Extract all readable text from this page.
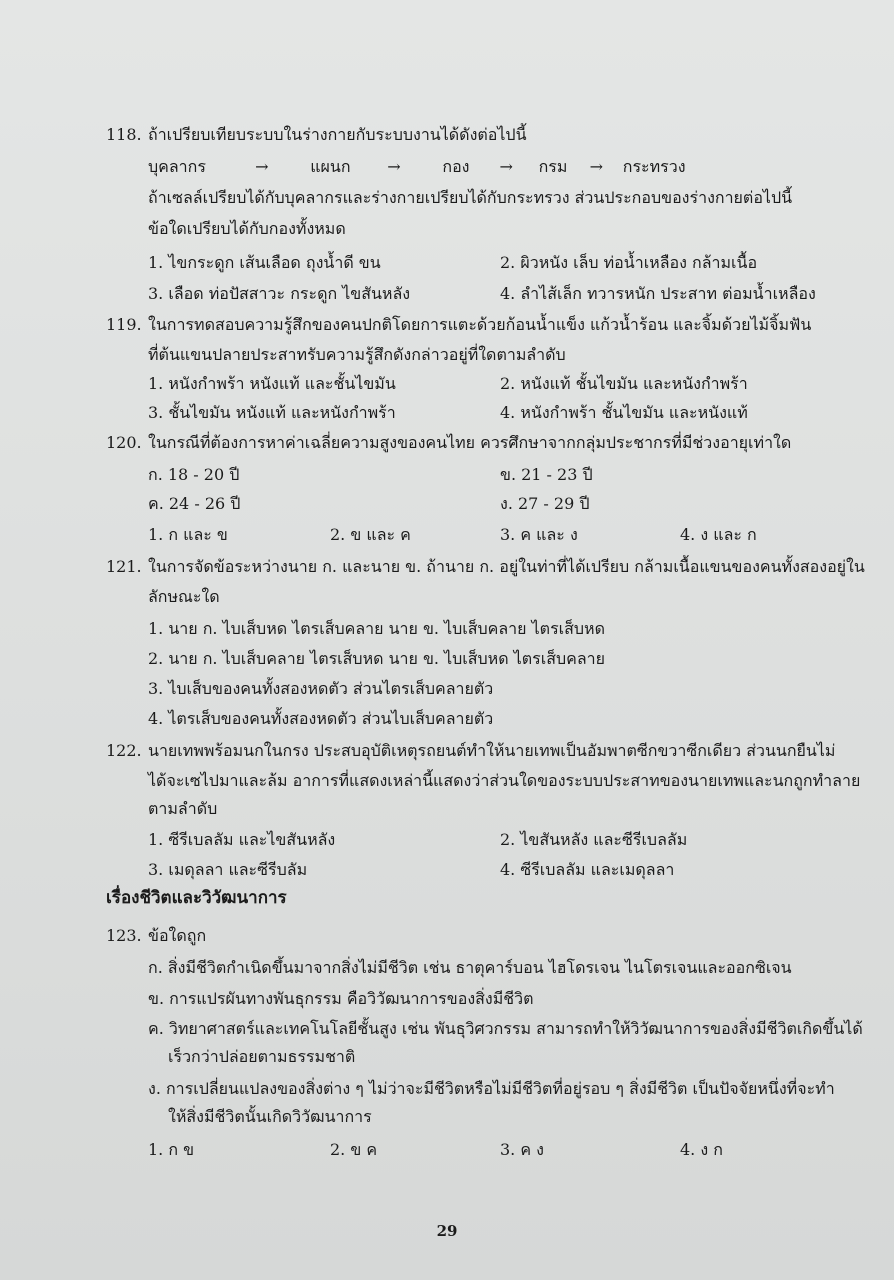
118. ถ้าเปรียบเทียบระบบในร่างกายกับระบบงานได้ดังต่อไปนี้
บุคลากร	→	แผนก →	กอง → กรม → กระทรวง
ถ้าเซลล์เปรียบได้กับบุคลากรและร่างกายเปรียบได้กับกระทรวง ส่วนประกอบของร่างกายต่อไปนี้
ข้อใดเปรียบได้กับกองทั้งหมด
1. ไขกระดูก เส้นเลือด ถุงน้ำดี ขน	2. ผิวหนัง เล็บ ท่อน้ำเหลือง กล้ามเนื้อ
3. เลือด ท่อปัสสาวะ กระดูก ไขสันหลัง	4. ลำไส้เล็ก ทวารหนัก ประสาท ต่อมน้ำเหลือง
119. ในการทดสอบความรู้สึกของคนปกติโดยการแตะด้วยก้อนน้ำแข็ง แก้วน้ำร้อน และจิ้มด้วยไม้จิ้มฟัน
ที่ต้นแขนปลายประสาทรับความรู้สึกดังกล่าวอยู่ที่ใดตามลำดับ
1. หนังกำพร้า หนังแท้ และชั้นไขมัน	2. หนังแท้ ชั้นไขมัน และหนังกำพร้า
3. ชั้นไขมัน หนังแท้ และหนังกำพร้า	4. หนังกำพร้า ชั้นไขมัน และหนังแท้
120. ในกรณีที่ต้องการหาค่าเฉลี่ยความสูงของคนไทย ควรศึกษาจากกลุ่มประชากรที่มีช่วงอายุเท่าใด
ก. 18 - 20 ปี	ข. 21 - 23 ปี
ค. 24 - 26 ปี	ง. 27 - 29 ปี
1. ก และ ข	2. ข และ ค	3. ค และ ง	4. ง และ ก
121. ในการจัดข้อระหว่างนาย ก. และนาย ข. ถ้านาย ก. อยู่ในท่าที่ได้เปรียบ กล้ามเนื้อแขนของคนทั้งสองอยู่ใน
ลักษณะใด
1. นาย ก. ไบเส็บหด ไตรเส็บคลาย นาย ข. ไบเส็บคลาย ไตรเส็บหด
2. นาย ก. ไบเส็บคลาย ไตรเส็บหด นาย ข. ไบเส็บหด ไตรเส็บคลาย
3. ไบเส็บของคนทั้งสองหดตัว ส่วนไตรเส็บคลายตัว
4. ไตรเส็บของคนทั้งสองหดตัว ส่วนไบเส็บคลายตัว
122. นายเทพพร้อมนกในกรง ประสบอุบัติเหตุรถยนต์ทำให้นายเทพเป็นอัมพาตซีกขวาซีกเดียว ส่วนนกยืนไม่
ได้จะเซไปมาและล้ม อาการที่แสดงเหล่านี้แสดงว่าส่วนใดของระบบประสาทของนายเทพและนกถูกทำลาย
ตามลำดับ
1. ซีรีเบลลัม และไขสันหลัง	2. ไขสันหลัง และซีรีเบลลัม
3. เมดุลลา และซีรีบลัม	4. ซีรีเบลลัม และเมดุลลา
เรื่องชีวิตและวิวัฒนาการ
123. ข้อใดถูก
ก. สิ่งมีชีวิตกำเนิดขึ้นมาจากสิ่งไม่มีชีวิต เช่น ธาตุคาร์บอน ไฮโดรเจน ไนโตรเจนและออกซิเจน
ข. การแปรผันทางพันธุกรรม คือวิวัฒนาการของสิ่งมีชีวิต
ค. วิทยาศาสตร์และเทคโนโลยีชั้นสูง เช่น พันธุวิศวกรรม สามารถทำให้วิวัฒนาการของสิ่งมีชีวิตเกิดขึ้นได้
เร็วกว่าปล่อยตามธรรมชาติ
ง. การเปลี่ยนแปลงของสิ่งต่าง ๆ ไม่ว่าจะมีชีวิตหรือไม่มีชีวิตที่อยู่รอบ ๆ สิ่งมีชีวิต เป็นปัจจัยหนึ่งที่จะทำ
ให้สิ่งมีชีวิตนั้นเกิดวิวัฒนาการ
1. ก ข	2. ข ค	3. ค ง	4. ง ก
29
